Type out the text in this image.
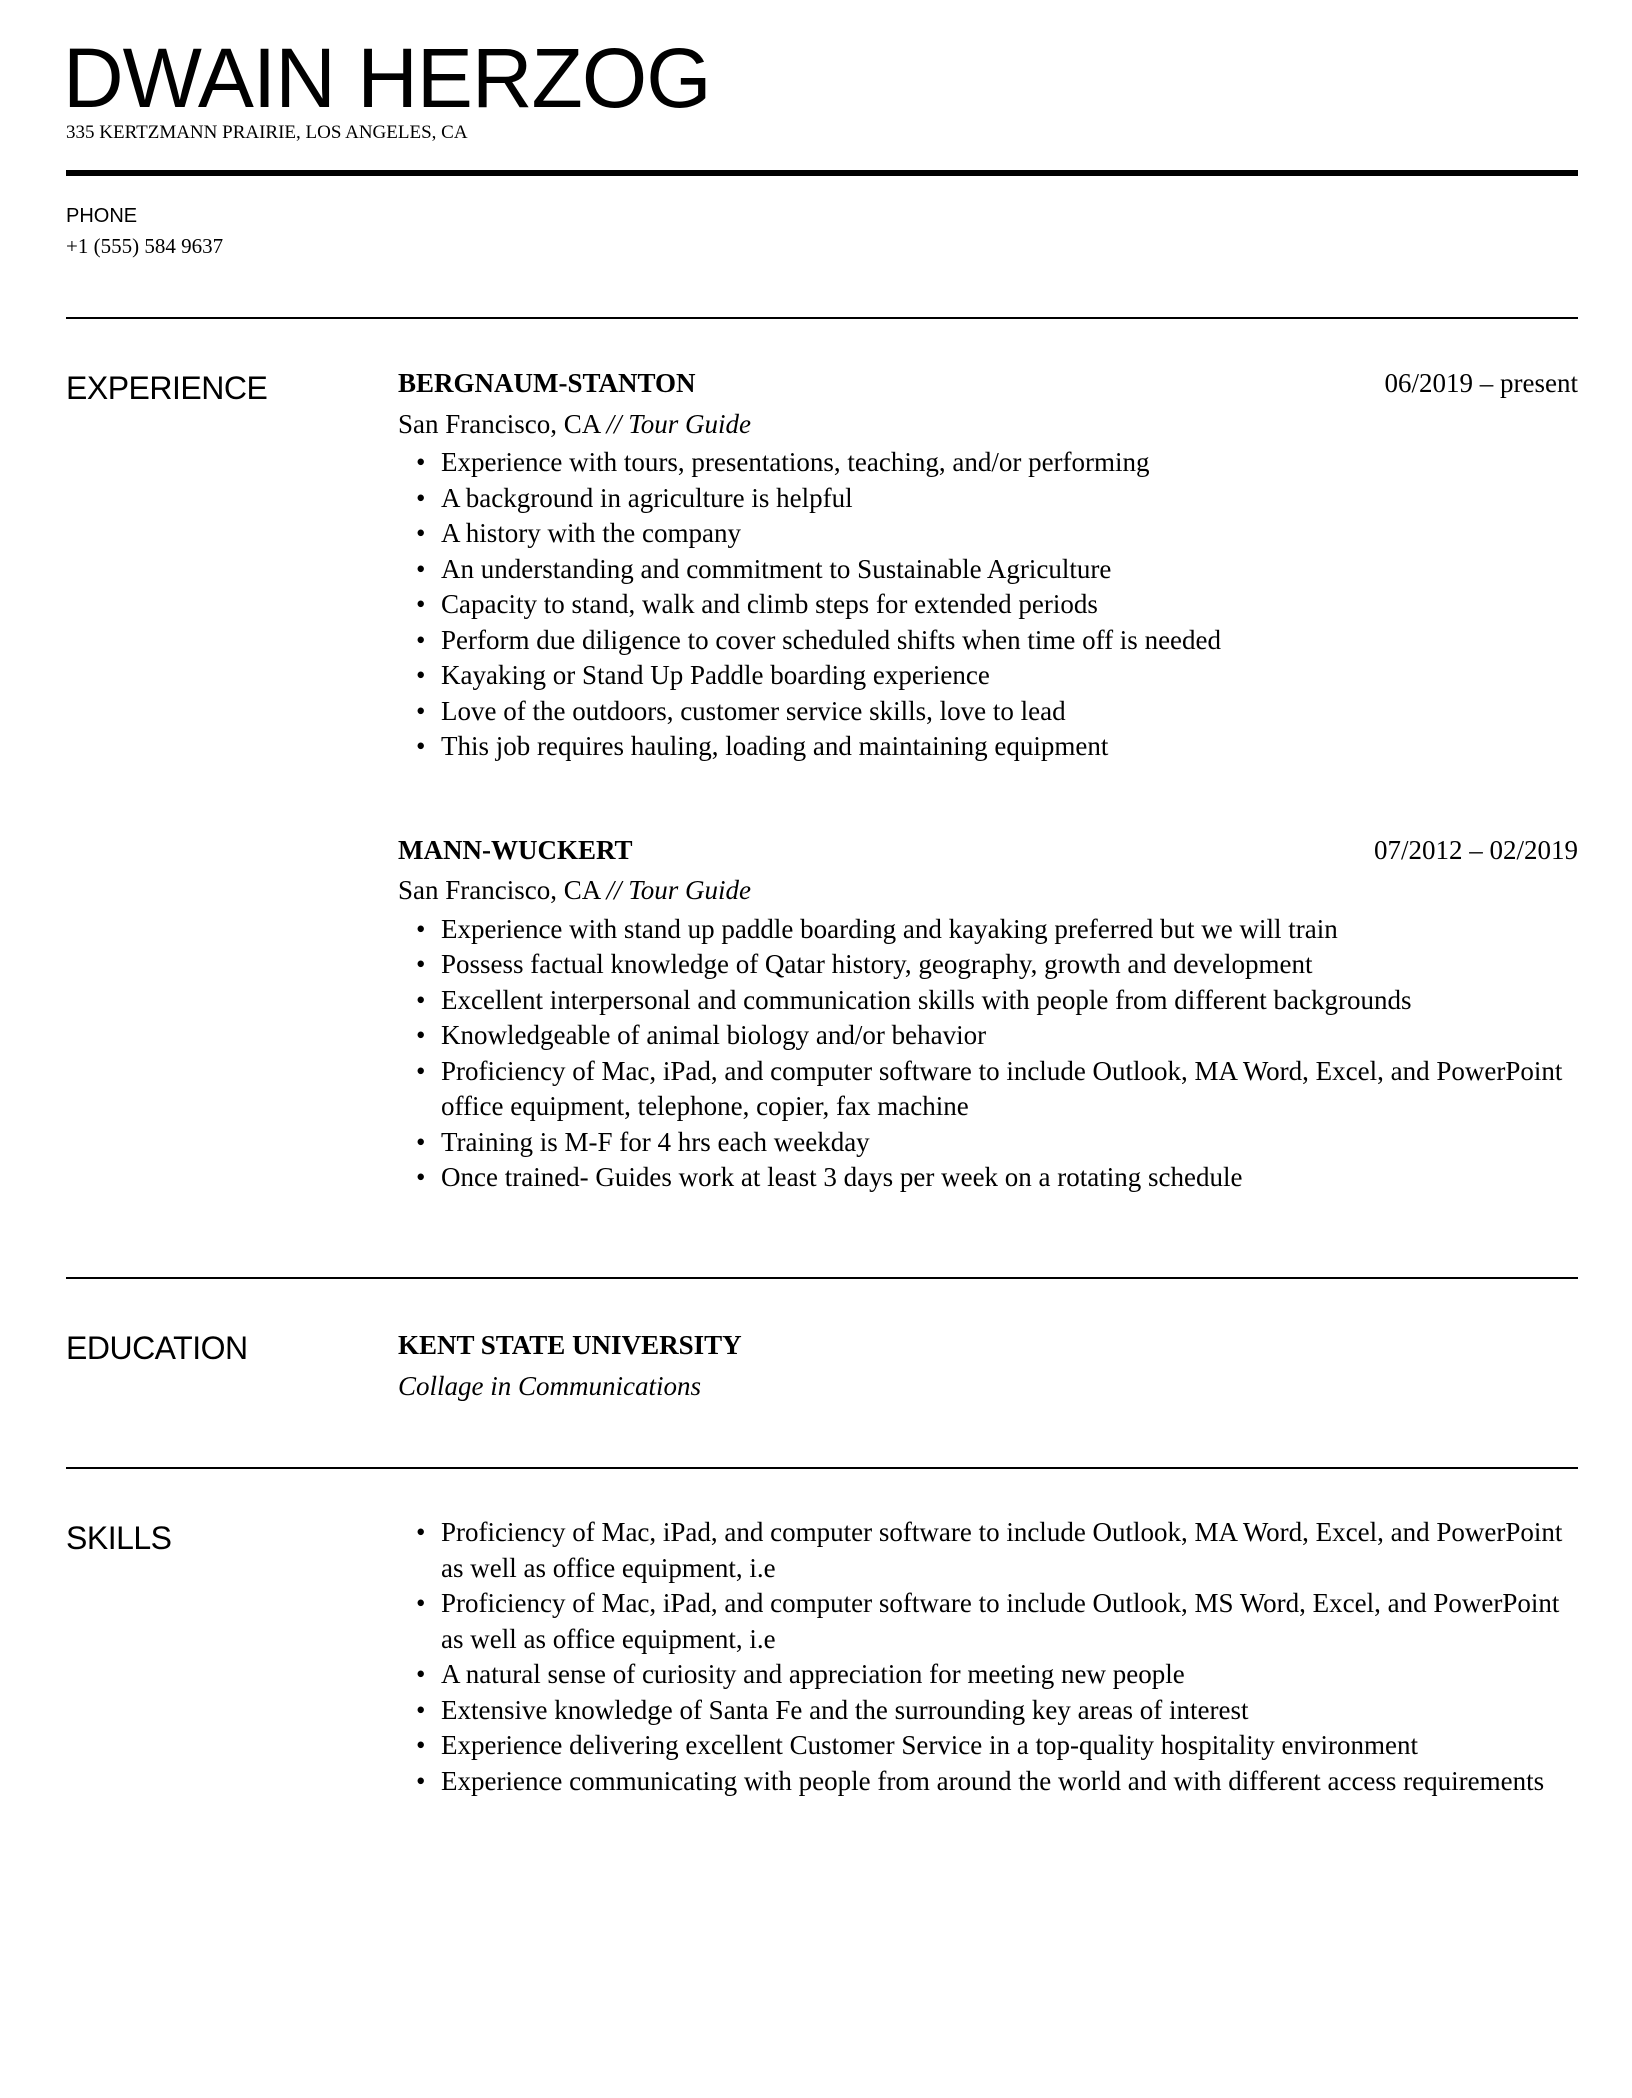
DWAIN HERZOG
335 KERTZMANN PRAIRIE, LOS ANGELES, CA
PHONE
+1 (555) 584 9637
EXPERIENCE	BERGNAUM-STANTON	06/2019 – present
San Francisco, CA // Tour Guide
• Experience with tours, presentations, teaching, and/or performing
• A background in agriculture is helpful
• A history with the company
• An understanding and commitment to Sustainable Agriculture
• Capacity to stand, walk and climb steps for extended periods
• Perform due diligence to cover scheduled shifts when time off is needed
• Kayaking or Stand Up Paddle boarding experience
• Love of the outdoors, customer service skills, love to lead
• This job requires hauling, loading and maintaining equipment
MANN-WUCKERT	07/2012 – 02/2019
San Francisco, CA // Tour Guide
• Experience with stand up paddle boarding and kayaking preferred but we will train
• Possess factual knowledge of Qatar history, geography, growth and development
• Excellent interpersonal and communication skills with people from different backgrounds
• Knowledgeable of animal biology and/or behavior
• Proficiency of Mac, iPad, and computer software to include Outlook, MA Word, Excel, and PowerPoint office equipment, telephone, copier, fax machine
• Training is M-F for 4 hrs each weekday
• Once trained- Guides work at least 3 days per week on a rotating schedule
EDUCATION	KENT STATE UNIVERSITY
Collage in Communications
SKILLS	• Proficiency of Mac, iPad, and computer software to include Outlook, MA Word, Excel, and PowerPoint as well as office equipment, i.e
• Proficiency of Mac, iPad, and computer software to include Outlook, MS Word, Excel, and PowerPoint as well as office equipment, i.e
• A natural sense of curiosity and appreciation for meeting new people
• Extensive knowledge of Santa Fe and the surrounding key areas of interest
• Experience delivering excellent Customer Service in a top-quality hospitality environment
• Experience communicating with people from around the world and with different access requirements
